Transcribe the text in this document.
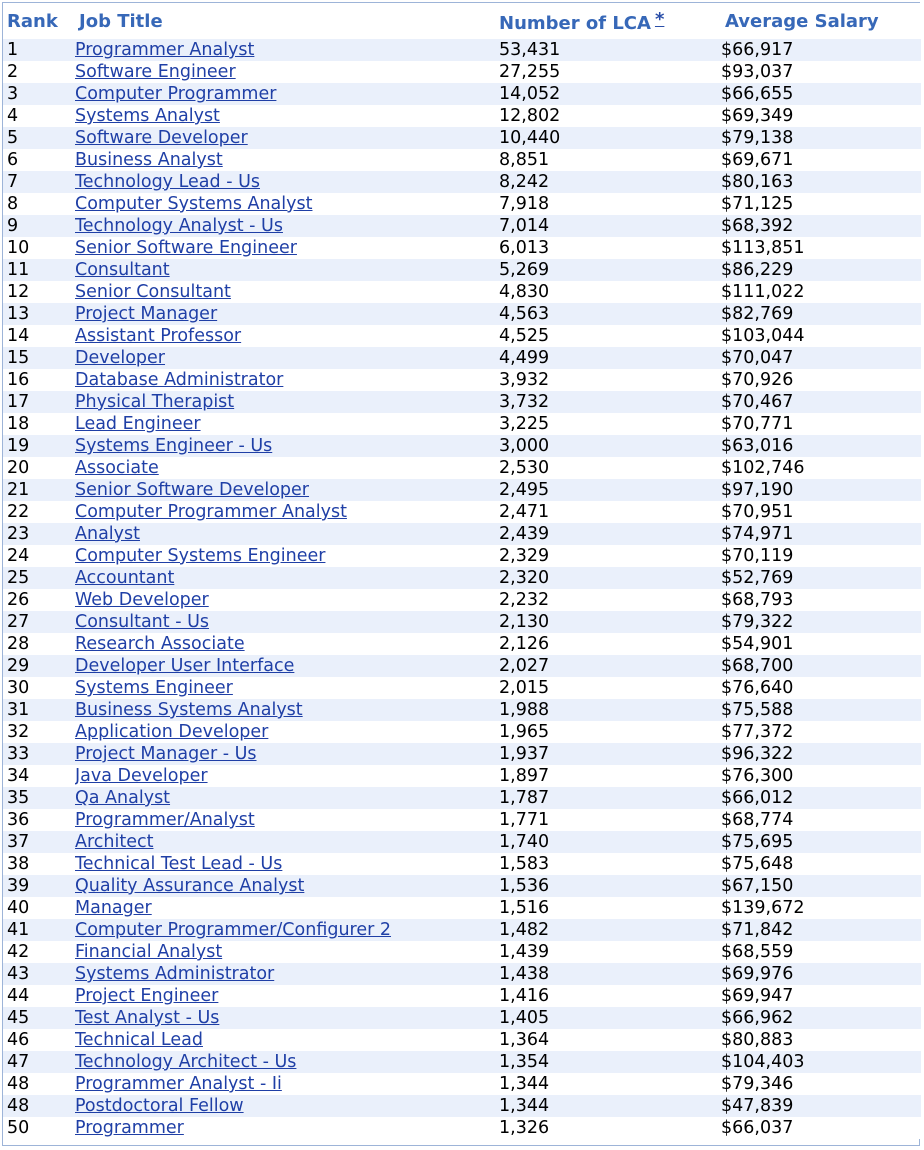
Rank	Job Title	Number of LCA *	Average Salary
1	Programmer Analyst	53,431	$66,917
2	Software Engineer	27,255	$93,037
3	Computer Programmer	14,052	$66,655
4	Systems Analyst	12,802	$69,349
5	Software Developer	10,440	$79,138
6	Business Analyst	8,851	$69,671
7	Technology Lead - Us	8,242	$80,163
8	Computer Systems Analyst	7,918	$71,125
9	Technology Analyst - Us	7,014	$68,392
10	Senior Software Engineer	6,013	$113,851
11	Consultant	5,269	$86,229
12	Senior Consultant	4,830	$111,022
13	Project Manager	4,563	$82,769
14	Assistant Professor	4,525	$103,044
15	Developer	4,499	$70,047
16	Database Administrator	3,932	$70,926
17	Physical Therapist	3,732	$70,467
18	Lead Engineer	3,225	$70,771
19	Systems Engineer - Us	3,000	$63,016
20	Associate	2,530	$102,746
21	Senior Software Developer	2,495	$97,190
22	Computer Programmer Analyst	2,471	$70,951
23	Analyst	2,439	$74,971
24	Computer Systems Engineer	2,329	$70,119
25	Accountant	2,320	$52,769
26	Web Developer	2,232	$68,793
27	Consultant - Us	2,130	$79,322
28	Research Associate	2,126	$54,901
29	Developer User Interface	2,027	$68,700
30	Systems Engineer	2,015	$76,640
31	Business Systems Analyst	1,988	$75,588
32	Application Developer	1,965	$77,372
33	Project Manager - Us	1,937	$96,322
34	Java Developer	1,897	$76,300
35	Qa Analyst	1,787	$66,012
36	Programmer/Analyst	1,771	$68,774
37	Architect	1,740	$75,695
38	Technical Test Lead - Us	1,583	$75,648
39	Quality Assurance Analyst	1,536	$67,150
40	Manager	1,516	$139,672
41	Computer Programmer/Configurer 2	1,482	$71,842
42	Financial Analyst	1,439	$68,559
43	Systems Administrator	1,438	$69,976
44	Project Engineer	1,416	$69,947
45	Test Analyst - Us	1,405	$66,962
46	Technical Lead	1,364	$80,883
47	Technology Architect - Us	1,354	$104,403
48	Programmer Analyst - Ii	1,344	$79,346
48	Postdoctoral Fellow	1,344	$47,839
50	Programmer	1,326	$66,037
